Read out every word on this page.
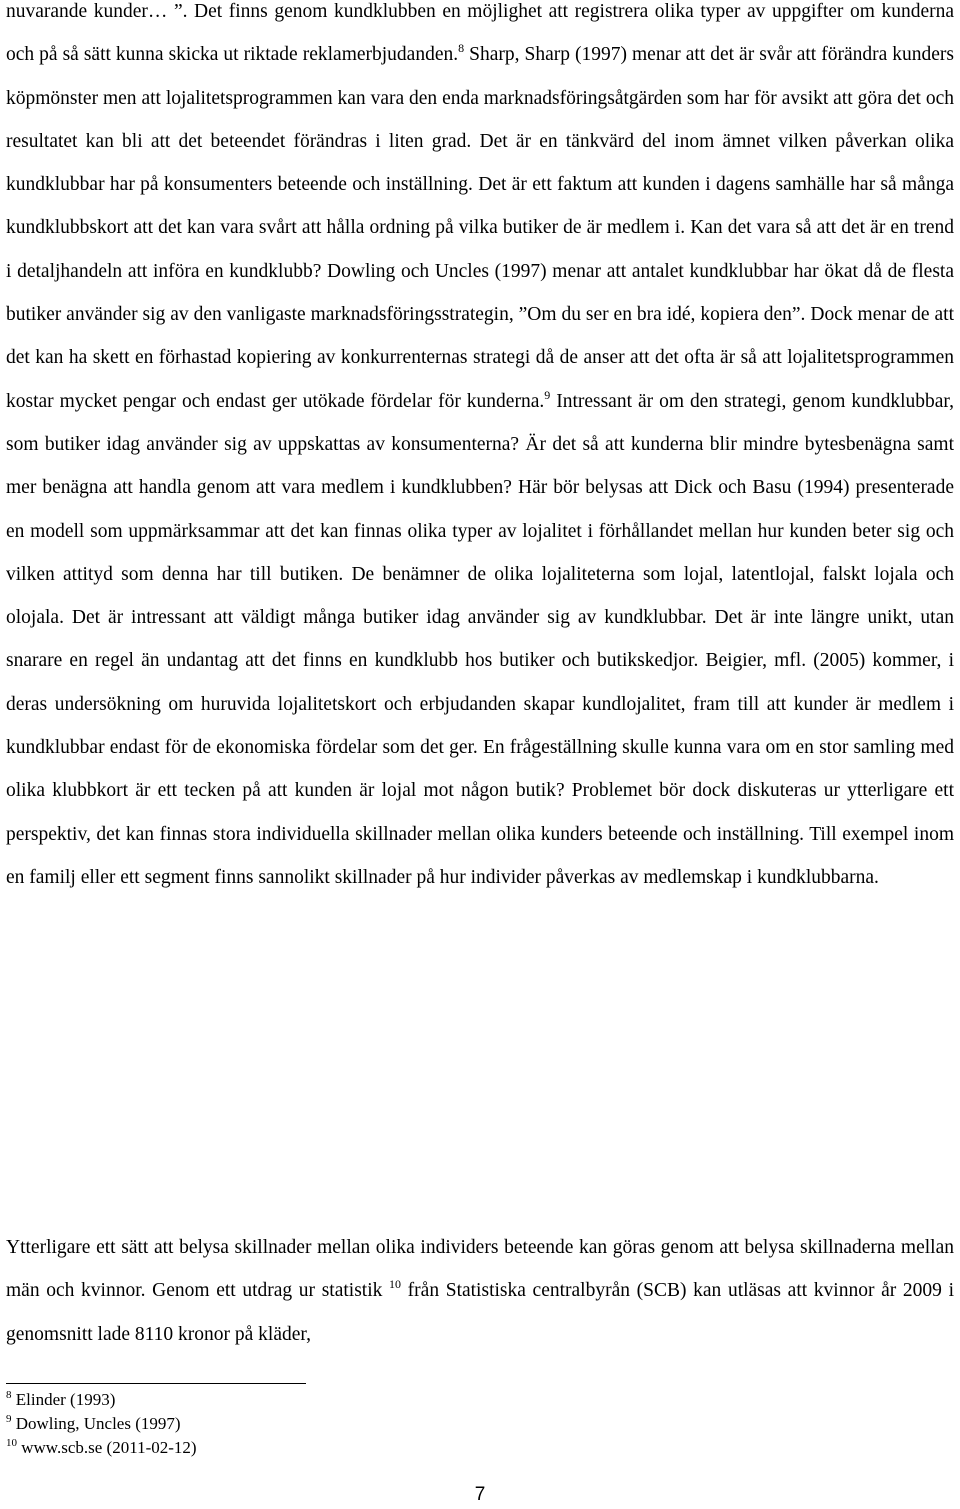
nuvarande kunder… ”. Det finns genom kundklubben en möjlighet att registrera olika typer av uppgifter om kunderna och på så sätt kunna skicka ut riktade reklamerbjudanden.$^8$ Sharp, Sharp (1997) menar att det är svår att förändra kunders köpmönster men att lojalitetsprogrammen kan vara den enda marknadsföringsåtgärden som har för avsikt att göra det och resultatet kan bli att det beteendet förändras i liten grad. Det är en tänkvärd del inom ämnet vilken påverkan olika kundklubbar har på konsumenters beteende och inställning. Det är ett faktum att kunden i dagens samhälle har så många kundklubbskort att det kan vara svårt att hålla ordning på vilka butiker de är medlem i. Kan det vara så att det är en trend i detaljhandeln att införa en kundklubb? Dowling och Uncles (1997) menar att antalet kundklubbar har ökat då de flesta butiker använder sig av den vanligaste marknadsföringsstrategin, ”Om du ser en bra idé, kopiera den”. Dock menar de att det kan ha skett en förhastad kopiering av konkurrenternas strategi då de anser att det ofta är så att lojalitetsprogrammen kostar mycket pengar och endast ger utökade fördelar för kunderna.$^9$ Intressant är om den strategi, genom kundklubbar, som butiker idag använder sig av uppskattas av konsumenterna? Är det så att kunderna blir mindre bytesbenägna samt mer benägna att handla genom att vara medlem i kundklubben? Här bör belysas att Dick och Basu (1994) presenterade en modell som uppmärksammar att det kan finnas olika typer av lojalitet i förhållandet mellan hur kunden beter sig och vilken attityd som denna har till butiken. De benämner de olika lojaliteterna som lojal, latentlojal, falskt lojala och olojala. Det är intressant att väldigt många butiker idag använder sig av kundklubbar. Det är inte längre unikt, utan snarare en regel än undantag att det finns en kundklubb hos butiker och butikskedjor. Beigier, mfl. (2005) kommer, i deras undersökning om huruvida lojalitetskort och erbjudanden skapar kundlojalitet, fram till att kunder är medlem i kundklubbar endast för de ekonomiska fördelar som det ger. En frågeställning skulle kunna vara om en stor samling med olika klubbkort är ett tecken på att kunden är lojal mot någon butik? Problemet bör dock diskuteras ur ytterligare ett perspektiv, det kan finnas stora individuella skillnader mellan olika kunders beteende och inställning. Till exempel inom en familj eller ett segment finns sannolikt skillnader på hur individer påverkas av medlemskap i kundklubbarna.

Ytterligare ett sätt att belysa skillnader mellan olika individers beteende kan göras genom att belysa skillnaderna mellan män och kvinnor. Genom ett utdrag ur statistik $^{10}$ från Statistiska centralbyrån (SCB) kan utläsas att kvinnor år 2009 i genomsnitt lade 8110 kronor på kläder,

$^8$ Elinder (1993)
$^9$ Dowling, Uncles (1997)
$^{10}$ www.scb.se (2011-02-12)
7
